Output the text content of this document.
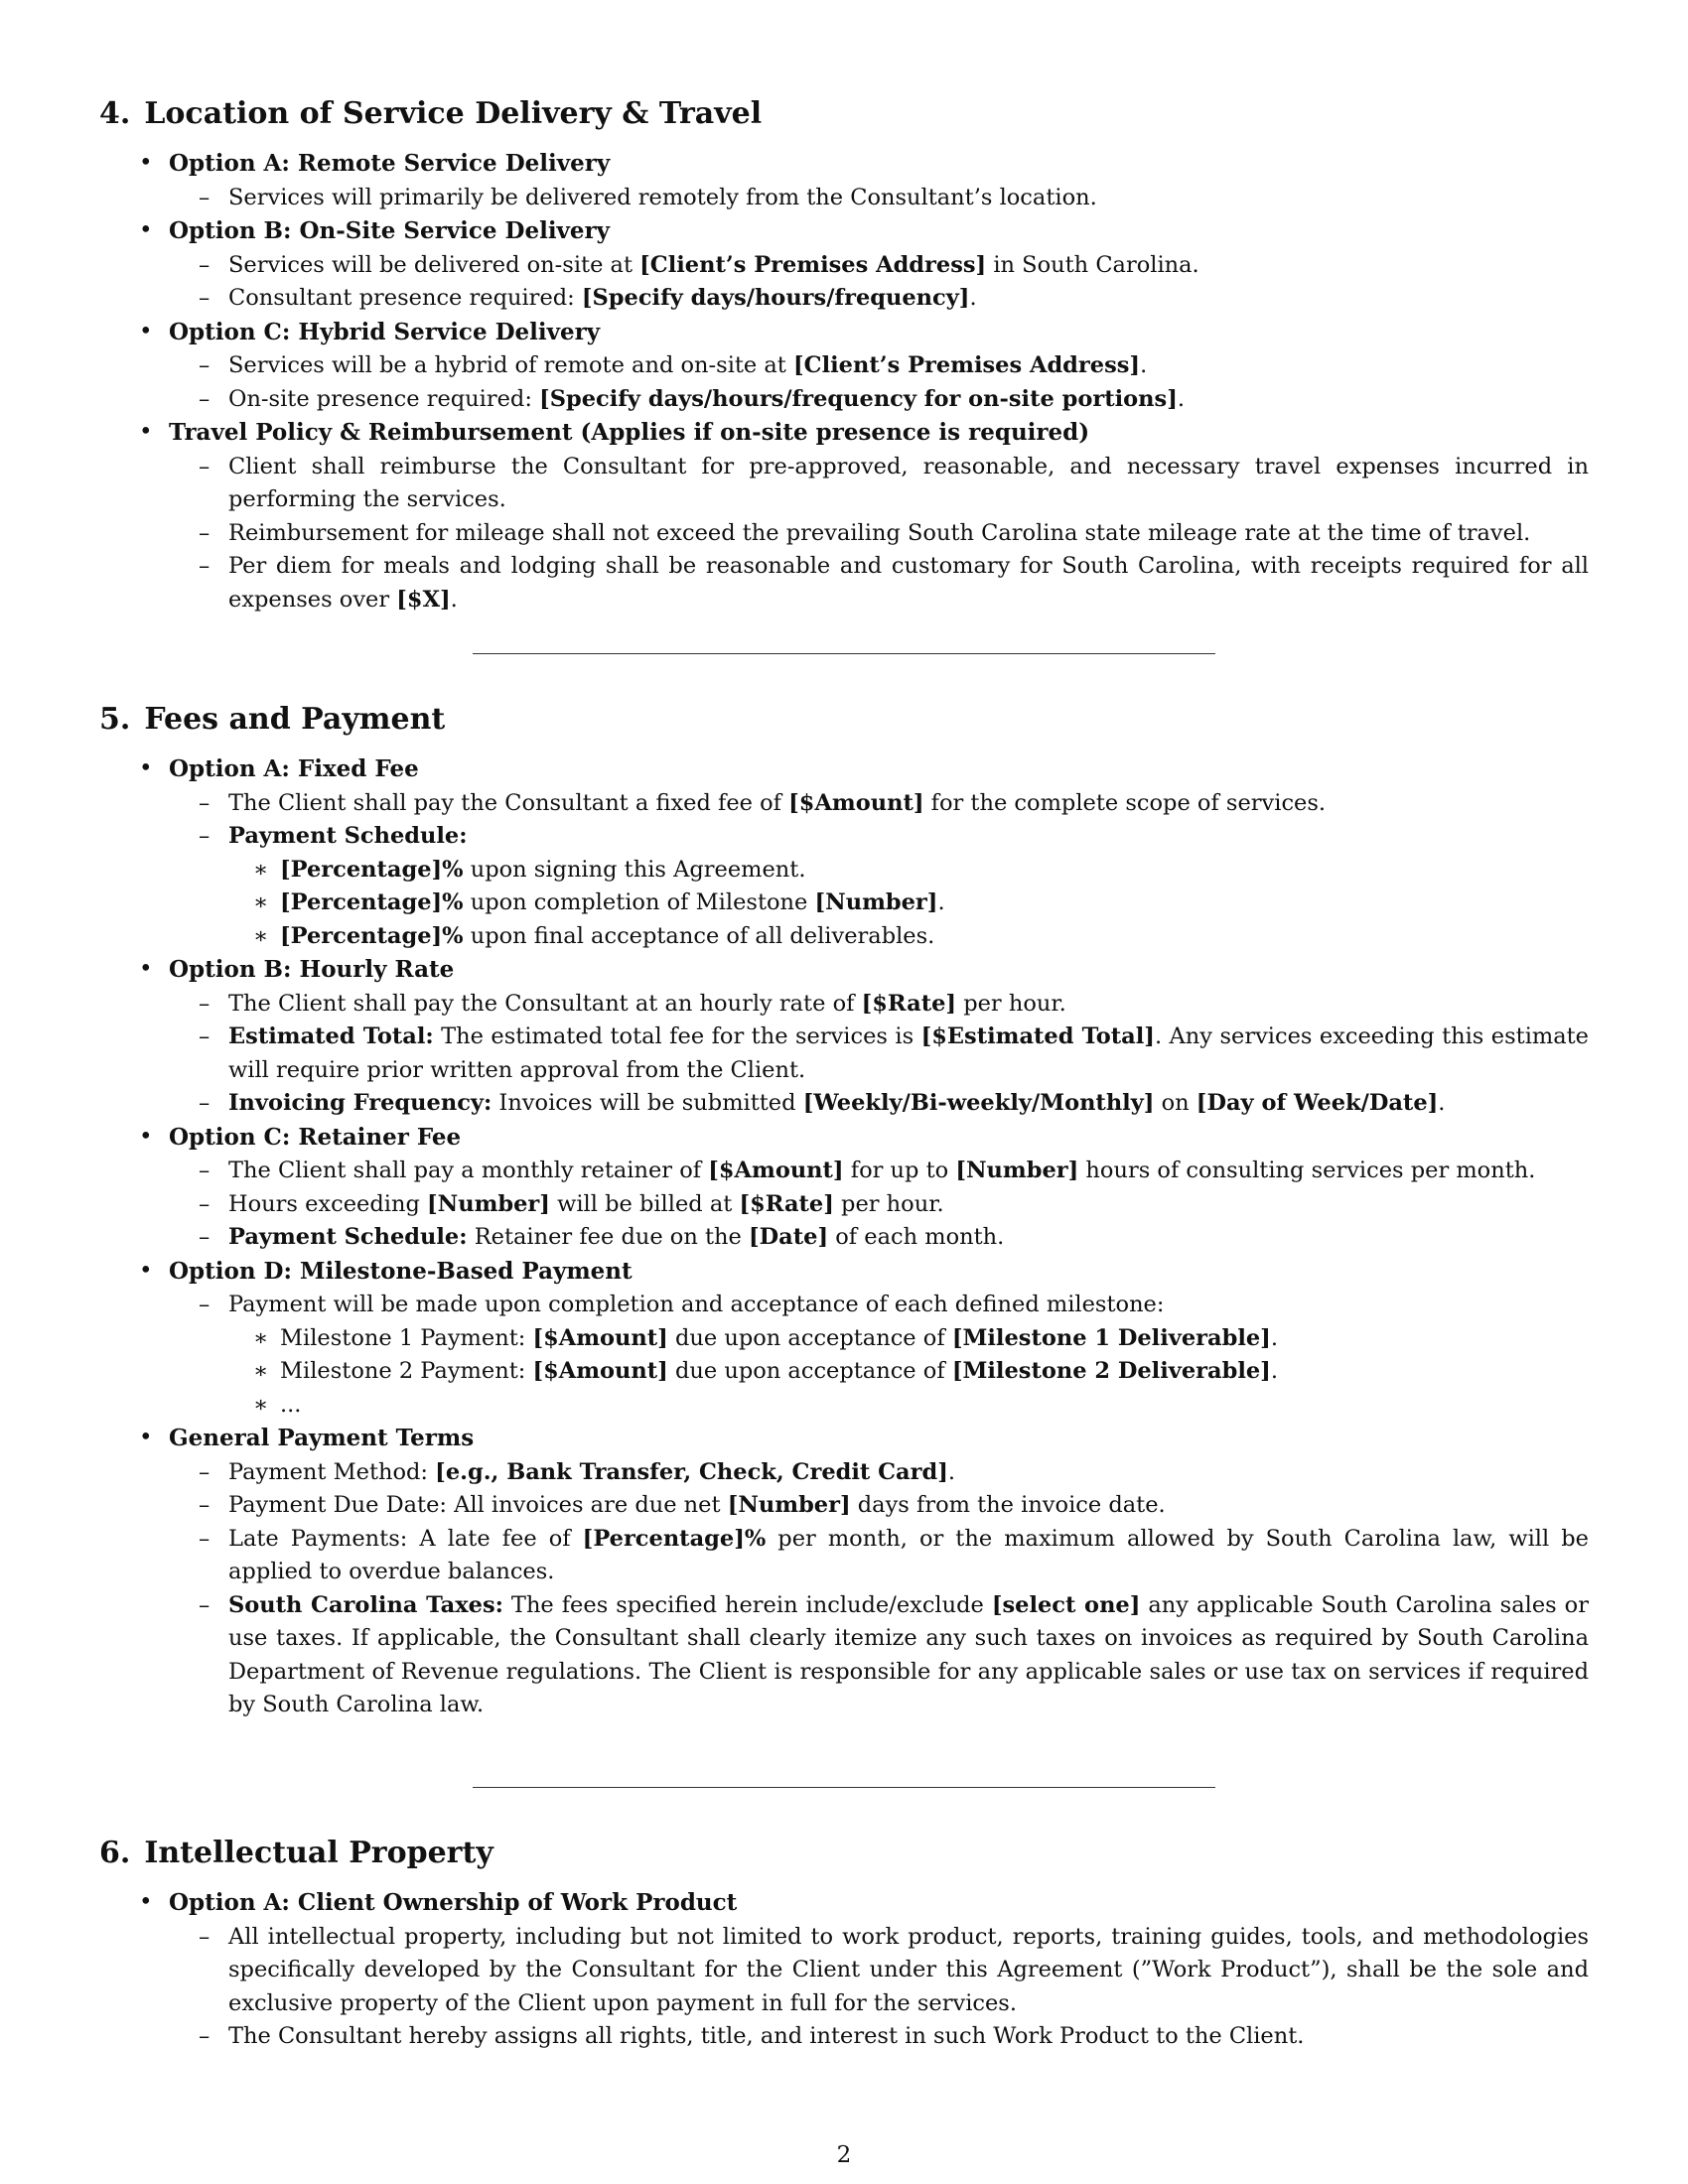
4. Location of Service Delivery & Travel
• Option A: Remote Service Delivery
– Services will primarily be delivered remotely from the Consultant’s location.
• Option B: On-Site Service Delivery
– Services will be delivered on-site at [Client’s Premises Address] in South Carolina.
– Consultant presence required: [Specify days/hours/frequency].
• Option C: Hybrid Service Delivery
– Services will be a hybrid of remote and on-site at [Client’s Premises Address].
– On-site presence required: [Specify days/hours/frequency for on-site portions].
• Travel Policy & Reimbursement (Applies if on-site presence is required)
– Client shall reimburse the Consultant for pre-approved, reasonable, and necessary travel expenses incurred in performing the services.
– Reimbursement for mileage shall not exceed the prevailing South Carolina state mileage rate at the time of travel.
– Per diem for meals and lodging shall be reasonable and customary for South Carolina, with receipts required for all expenses over [$X].
5. Fees and Payment
• Option A: Fixed Fee
– The Client shall pay the Consultant a fixed fee of [$Amount] for the complete scope of services.
– Payment Schedule:
∗ [Percentage]% upon signing this Agreement.
∗ [Percentage]% upon completion of Milestone [Number].
∗ [Percentage]% upon final acceptance of all deliverables.
• Option B: Hourly Rate
– The Client shall pay the Consultant at an hourly rate of [$Rate] per hour.
– Estimated Total: The estimated total fee for the services is [$Estimated Total]. Any services exceeding this estimate will require prior written approval from the Client.
– Invoicing Frequency: Invoices will be submitted [Weekly/Bi-weekly/Monthly] on [Day of Week/Date].
• Option C: Retainer Fee
– The Client shall pay a monthly retainer of [$Amount] for up to [Number] hours of consulting services per month.
– Hours exceeding [Number] will be billed at [$Rate] per hour.
– Payment Schedule: Retainer fee due on the [Date] of each month.
• Option D: Milestone-Based Payment
– Payment will be made upon completion and acceptance of each defined milestone:
∗ Milestone 1 Payment: [$Amount] due upon acceptance of [Milestone 1 Deliverable].
∗ Milestone 2 Payment: [$Amount] due upon acceptance of [Milestone 2 Deliverable].
∗ ...
• General Payment Terms
– Payment Method: [e.g., Bank Transfer, Check, Credit Card].
– Payment Due Date: All invoices are due net [Number] days from the invoice date.
– Late Payments: A late fee of [Percentage]% per month, or the maximum allowed by South Carolina law, will be applied to overdue balances.
– South Carolina Taxes: The fees specified herein include/exclude [select one] any applicable South Carolina sales or use taxes. If applicable, the Consultant shall clearly itemize any such taxes on invoices as required by South Carolina Department of Revenue regulations. The Client is responsible for any applicable sales or use tax on services if required by South Carolina law.
6. Intellectual Property
• Option A: Client Ownership of Work Product
– All intellectual property, including but not limited to work product, reports, training guides, tools, and methodologies specifically developed by the Consultant for the Client under this Agreement (”Work Product”), shall be the sole and exclusive property of the Client upon payment in full for the services.
– The Consultant hereby assigns all rights, title, and interest in such Work Product to the Client.
2
